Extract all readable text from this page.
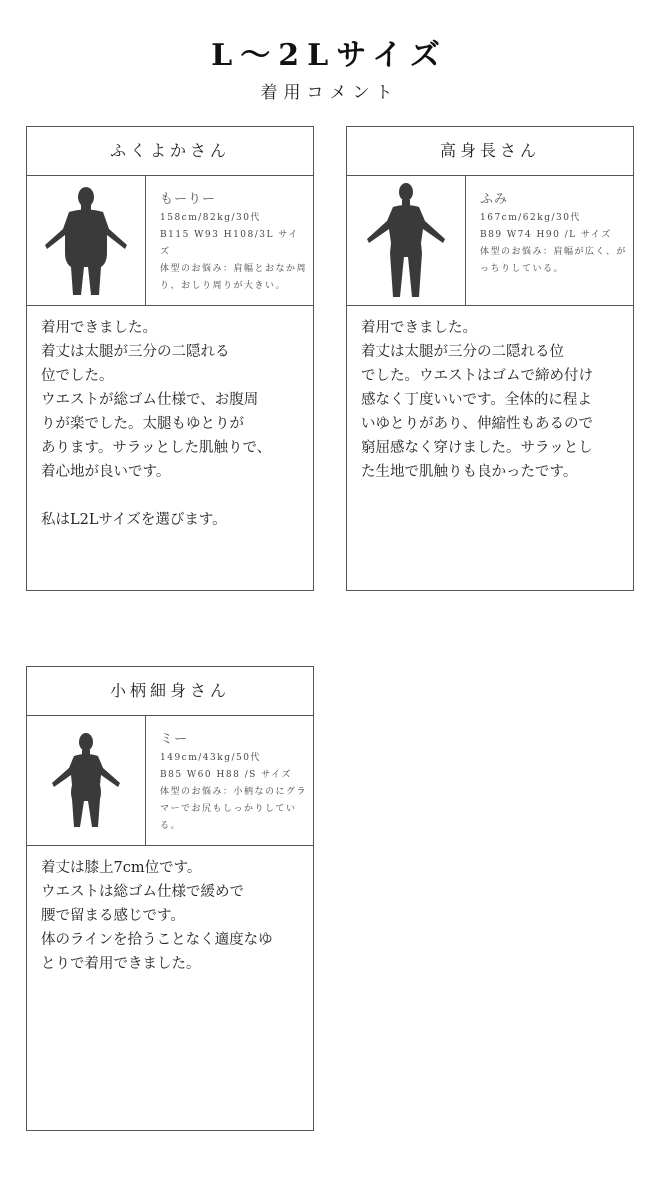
L～2Lサイズ
着用コメント
ふくよかさん
もーりー
158cm/82kg/30代
B115 W93 H108/3L サイズ
体型のお悩み：肩幅とおなか周り、おしり周りが大きい。

着用できました。

着丈は太腿が三分の二隠れる

位でした。

ウエストが総ゴム仕様で、お腹周

りが楽でした。太腿もゆとりが

あります。サラッとした肌触りで、

着心地が良いです。

私はL2Lサイズを選びます。

高身長さん
ふみ
167cm/62kg/30代
B89 W74 H90 /L サイズ
体型のお悩み：肩幅が広く、がっちりしている。

着用できました。

着丈は太腿が三分の二隠れる位

でした。ウエストはゴムで締め付け

感なく丁度いいです。全体的に程よ

いゆとりがあり、伸縮性もあるので

窮屈感なく穿けました。サラッとし

た生地で肌触りも良かったです。

小柄細身さん
ミー
149cm/43kg/50代
B85 W60 H88 /S サイズ
体型のお悩み：小柄なのにグラマーでお尻もしっかりしている。

着丈は膝上7cm位です。

ウエストは総ゴム仕様で緩めで

腰で留まる感じです。

体のラインを拾うことなく適度なゆ

とりで着用できました。
